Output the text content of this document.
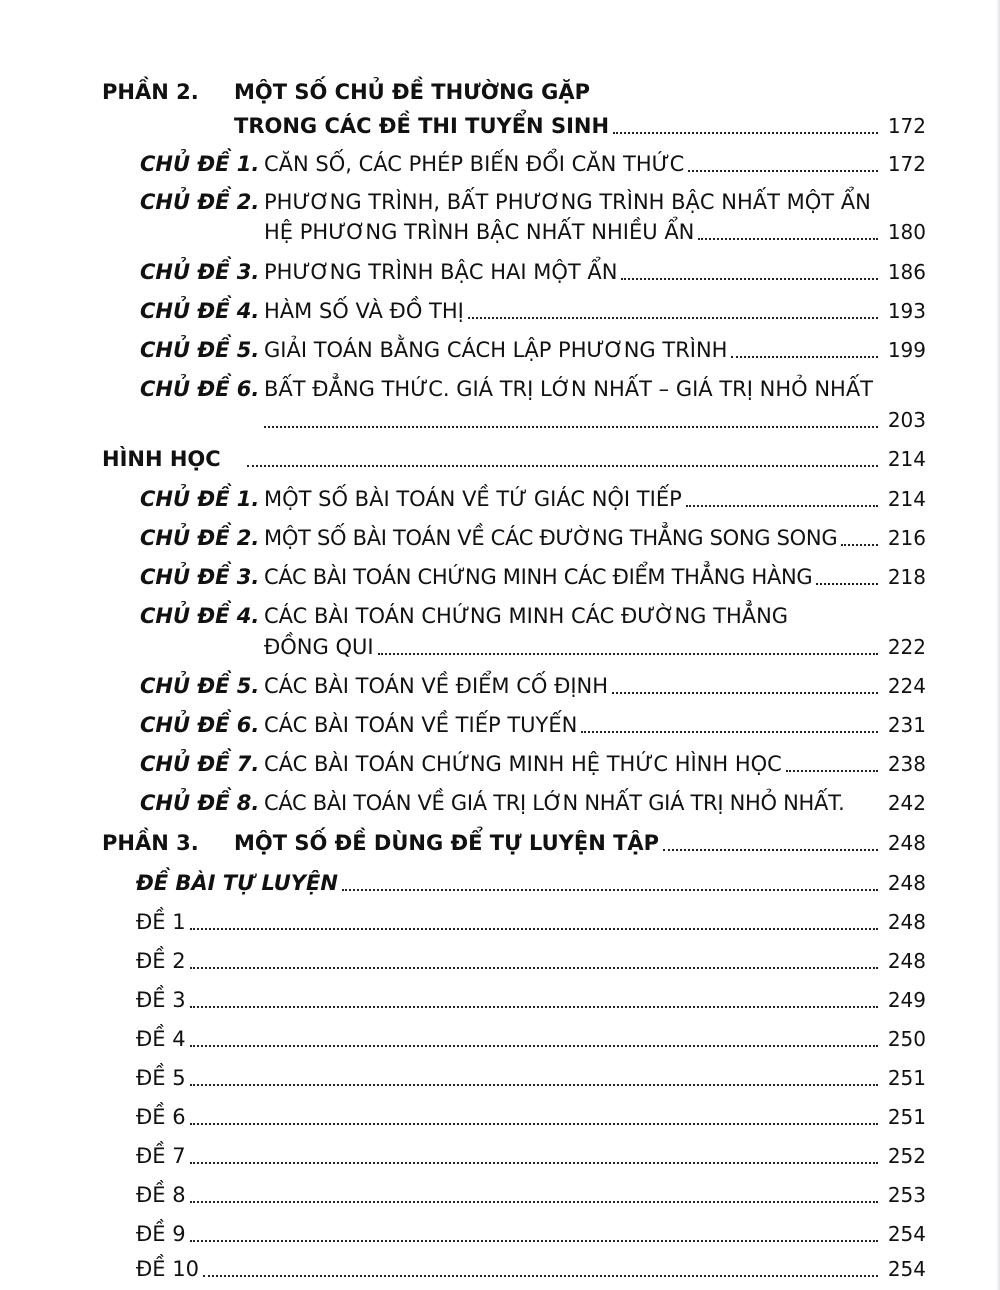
PHẦN 2.	MỘT SỐ CHỦ ĐỀ THƯỜNG GẶP
TRONG CÁC ĐỀ THI TUYỂN SINH	172
CHỦ ĐỀ 1. CĂN SỐ, CÁC PHÉP BIẾN ĐỔI CĂN THỨC	172
CHỦ ĐỀ 2. PHƯƠNG TRÌNH, BẤT PHƯƠNG TRÌNH BẬC NHẤT MỘT ẨN
HỆ PHƯƠNG TRÌNH BẬC NHẤT NHIỀU ẨN	180
CHỦ ĐỀ 3. PHƯƠNG TRÌNH BẬC HAI MỘT ẨN	186
CHỦ ĐỀ 4. HÀM SỐ VÀ ĐỒ THỊ	193
CHỦ ĐỀ 5. GIẢI TOÁN BẰNG CÁCH LẬP PHƯƠNG TRÌNH	199
CHỦ ĐỀ 6. BẤT ĐẲNG THỨC. GIÁ TRỊ LỚN NHẤT – GIÁ TRỊ NHỎ NHẤT
203
HÌNH HỌC	214
CHỦ ĐỀ 1. MỘT SỐ BÀI TOÁN VỀ TỨ GIÁC NỘI TIẾP	214
CHỦ ĐỀ 2. MỘT SỐ BÀI TOÁN VỀ CÁC ĐƯỜNG THẲNG SONG SONG	216
CHỦ ĐỀ 3. CÁC BÀI TOÁN CHỨNG MINH CÁC ĐIỂM THẲNG HÀNG	218
CHỦ ĐỀ 4. CÁC BÀI TOÁN CHỨNG MINH CÁC ĐƯỜNG THẲNG
ĐỒNG QUI	222
CHỦ ĐỀ 5. CÁC BÀI TOÁN VỀ ĐIỂM CỐ ĐỊNH	224
CHỦ ĐỀ 6. CÁC BÀI TOÁN VỀ TIẾP TUYẾN	231
CHỦ ĐỀ 7. CÁC BÀI TOÁN CHỨNG MINH HỆ THỨC HÌNH HỌC	238
CHỦ ĐỀ 8. CÁC BÀI TOÁN VỀ GIÁ TRỊ LỚN NHẤT GIÁ TRỊ NHỎ NHẤT. 242
PHẦN 3.	MỘT SỐ ĐỀ DÙNG ĐỂ TỰ LUYỆN TẬP	248
ĐỀ BÀI TỰ LUYỆN	248
ĐỀ 1	248
ĐỀ 2	248
ĐỀ 3	249
ĐỀ 4	250
ĐỀ 5	251
ĐỀ 6	251
ĐỀ 7	252
ĐỀ 8	253
ĐỀ 9	254
ĐỀ 10	254
